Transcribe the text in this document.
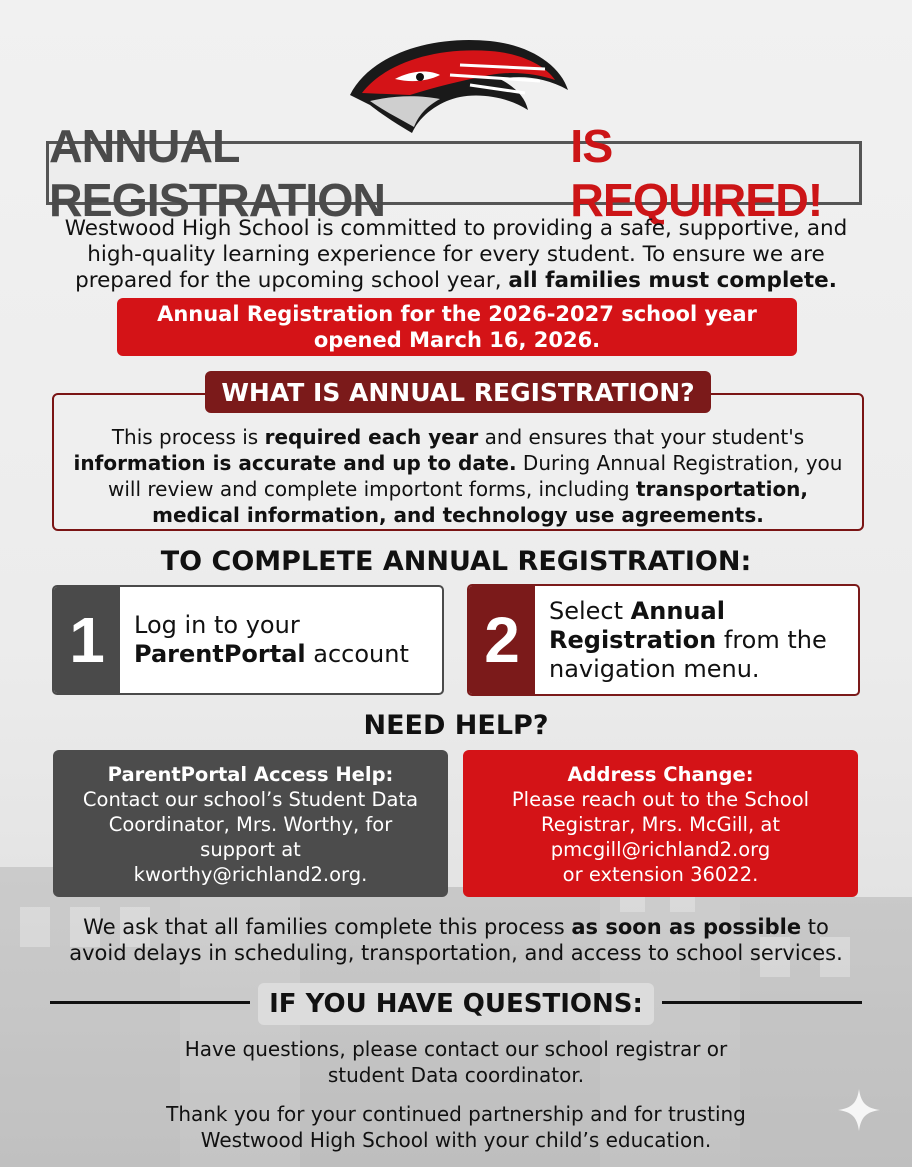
ANNUAL REGISTRATION
IS REQUIRED!
Westwood High School is committed to providing a safe, supportive, and
high-quality learning experience for every student. To ensure we are
prepared for the upcoming school year, all families must complete.
Annual Registration for the 2026-2027 school year
opened March 16, 2026.
WHAT IS ANNUAL REGISTRATION?
This process is required each year and ensures that your student's
information is accurate and up to date. During Annual Registration, you
will review and complete importont forms, including transportation,
medical information, and technology use agreements.
TO COMPLETE ANNUAL REGISTRATION:
1	Log in to your
ParentPortal account 2	Select Annual
Registration from the
navigation menu.
NEED HELP?
ParentPortal Access Help:
Contact our school’s Student Data
Coordinator, Mrs. Worthy, for
support at
kworthy@richland2.org.
Address Change:
Please reach out to the School
Registrar, Mrs. McGill, at
pmcgill@richland2.org
or extension 36022.
We ask that all families complete this process as soon as possible to
avoid delays in scheduling, transportation, and access to school services.
IF YOU HAVE QUESTIONS:
Have questions, please contact our school registrar or
student Data coordinator.
Thank you for your continued partnership and for trusting
Westwood High School with your child’s education.
